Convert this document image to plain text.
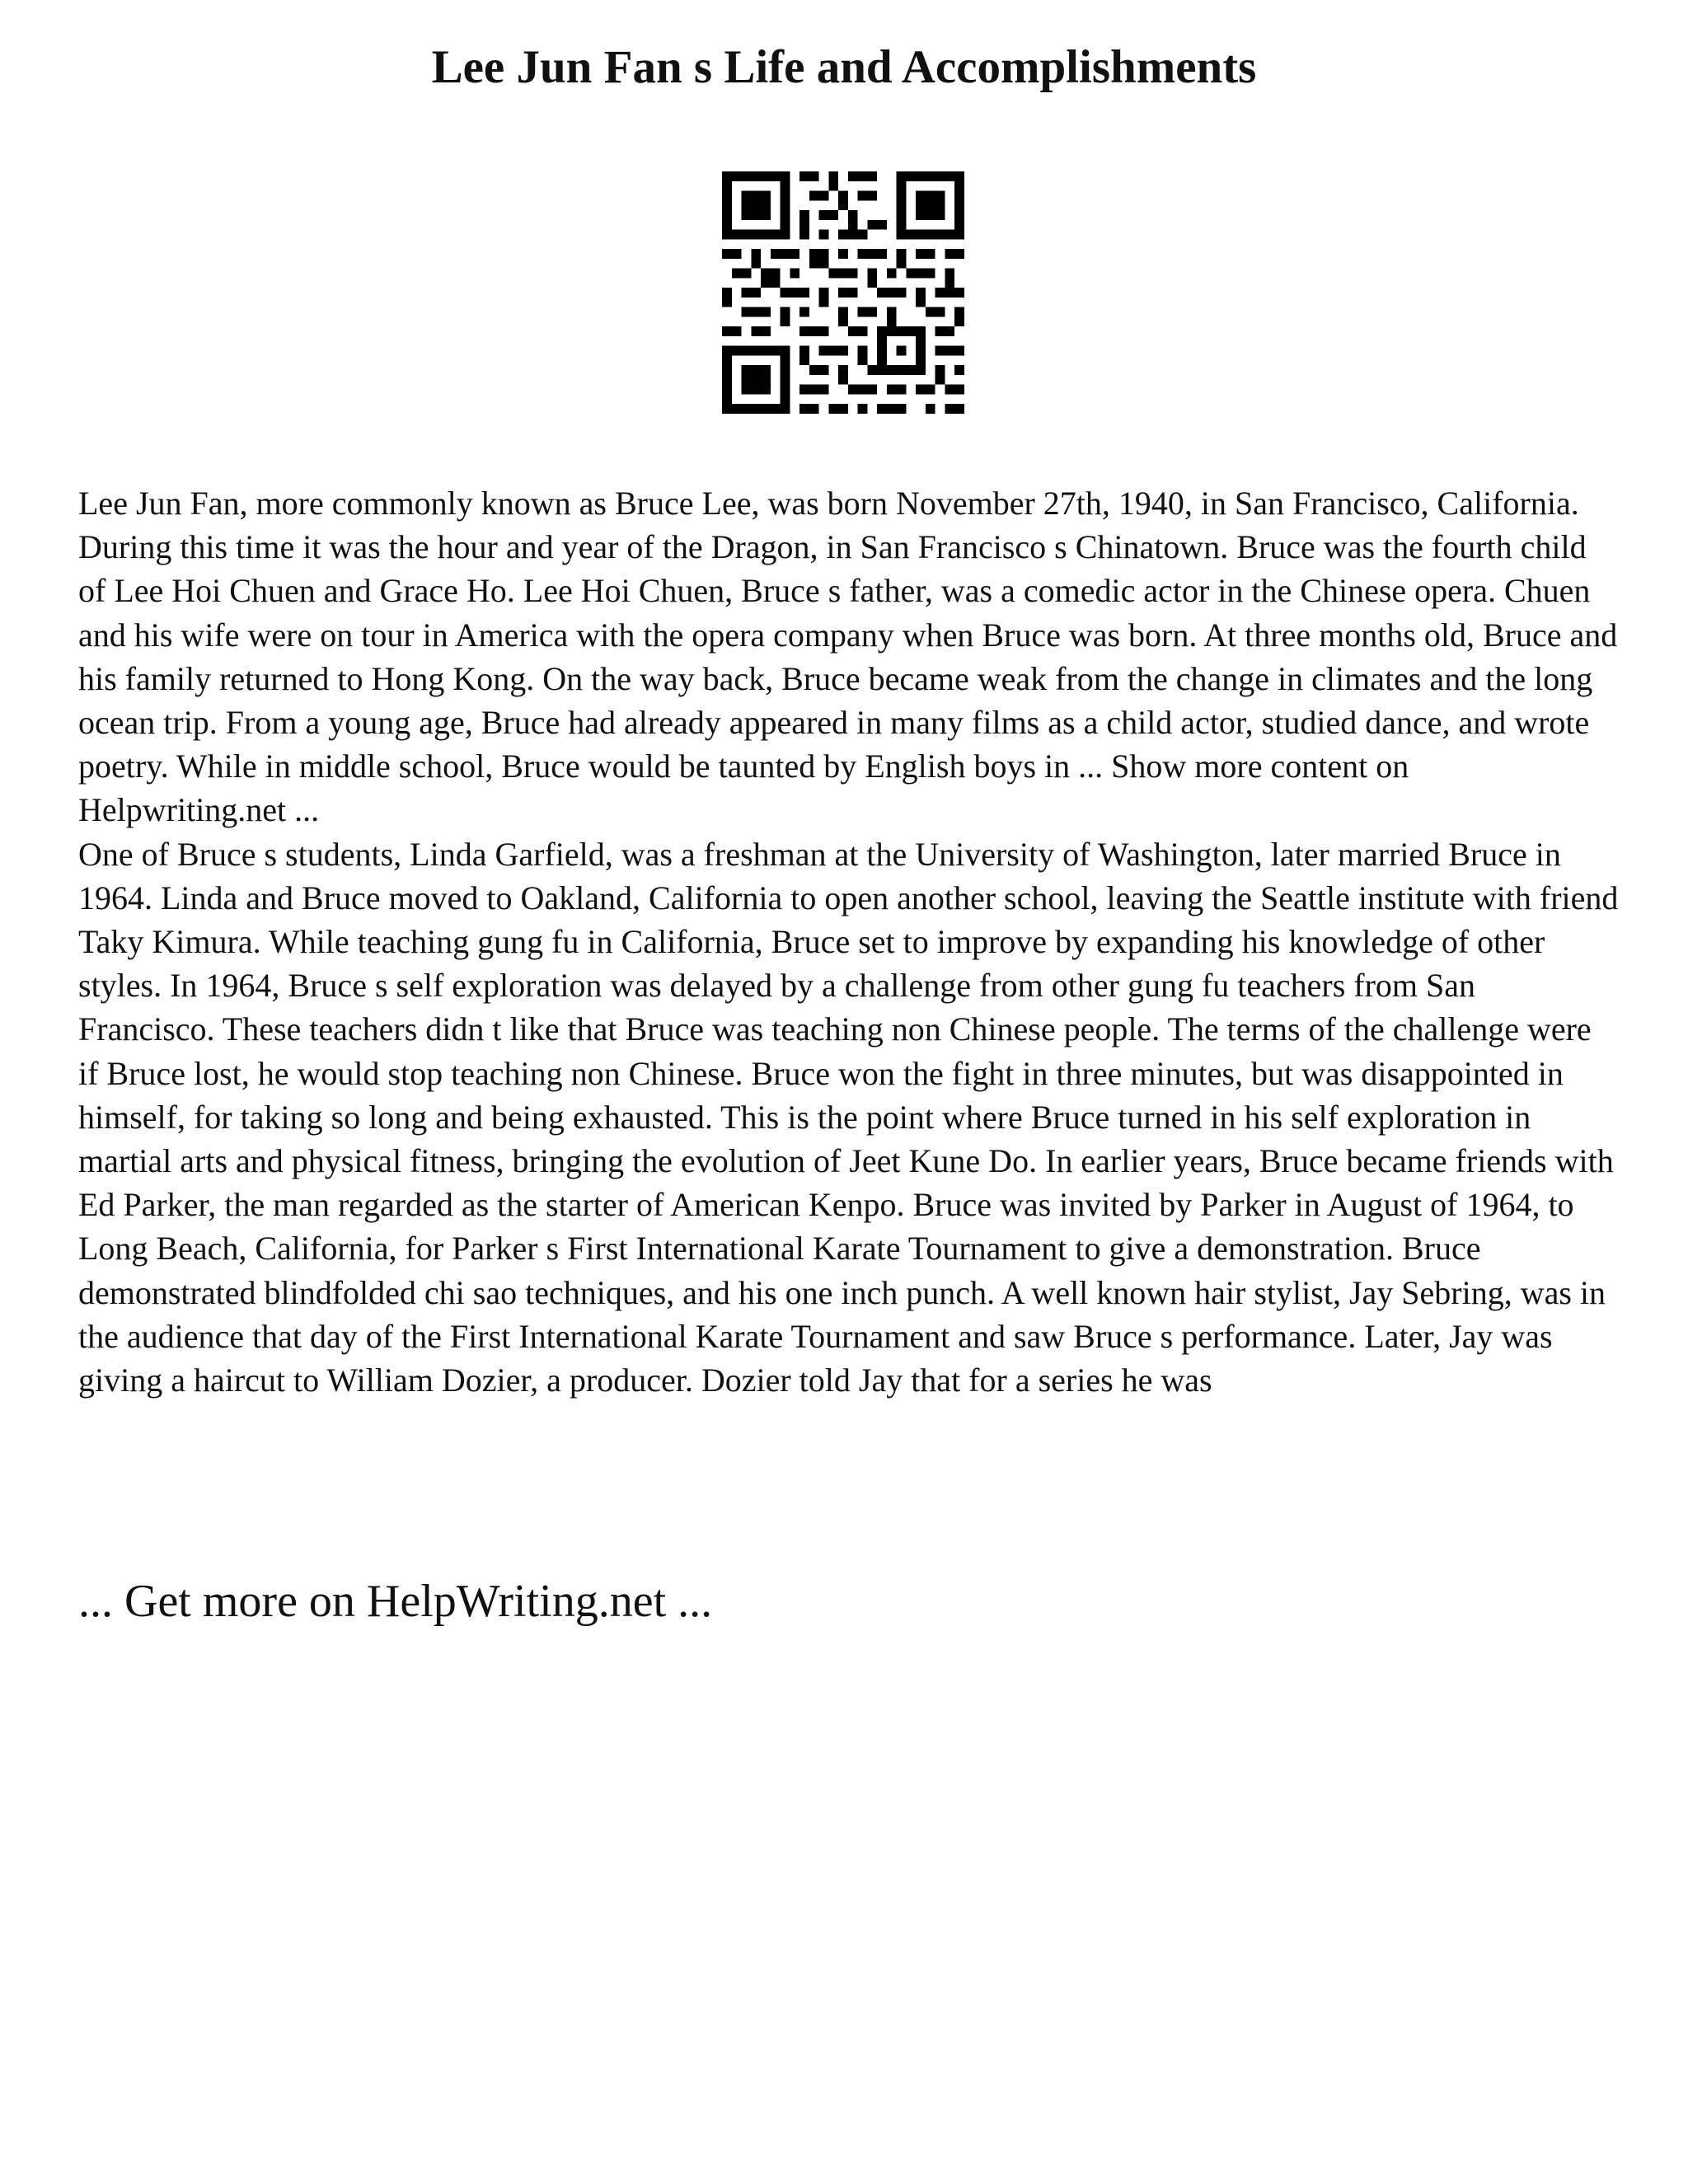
Lee Jun Fan s Life and Accomplishments

Lee Jun Fan, more commonly known as Bruce Lee, was born November 27th, 1940, in San Francisco, California. During this time it was the hour and year of the Dragon, in San Francisco s Chinatown. Bruce was the fourth child of Lee Hoi Chuen and Grace Ho. Lee Hoi Chuen, Bruce s father, was a comedic actor in the Chinese opera. Chuen and his wife were on tour in America with the opera company when Bruce was born. At three months old, Bruce and his family returned to Hong Kong. On the way back, Bruce became weak from the change in climates and the long ocean trip. From a young age, Bruce had already appeared in many films as a child actor, studied dance, and wrote poetry. While in middle school, Bruce would be taunted by English boys in ... Show more content on Helpwriting.net ...

One of Bruce s students, Linda Garfield, was a freshman at the University of Washington, later married Bruce in 1964. Linda and Bruce moved to Oakland, California to open another school, leaving the Seattle institute with friend Taky Kimura. While teaching gung fu in California, Bruce set to improve by expanding his knowledge of other styles. In 1964, Bruce s self exploration was delayed by a challenge from other gung fu teachers from San Francisco. These teachers didn t like that Bruce was teaching non Chinese people. The terms of the challenge were if Bruce lost, he would stop teaching non Chinese. Bruce won the fight in three minutes, but was disappointed in himself, for taking so long and being exhausted. This is the point where Bruce turned in his self exploration in martial arts and physical fitness, bringing the evolution of Jeet Kune Do. In earlier years, Bruce became friends with Ed Parker, the man regarded as the starter of American Kenpo. Bruce was invited by Parker in August of 1964, to Long Beach, California, for Parker s First International Karate Tournament to give a demonstration. Bruce demonstrated blindfolded chi sao techniques, and his one inch punch. A well known hair stylist, Jay Sebring, was in the audience that day of the First International Karate Tournament and saw Bruce s performance. Later, Jay was giving a haircut to William Dozier, a producer. Dozier told Jay that for a series he was

... Get more on HelpWriting.net ...
